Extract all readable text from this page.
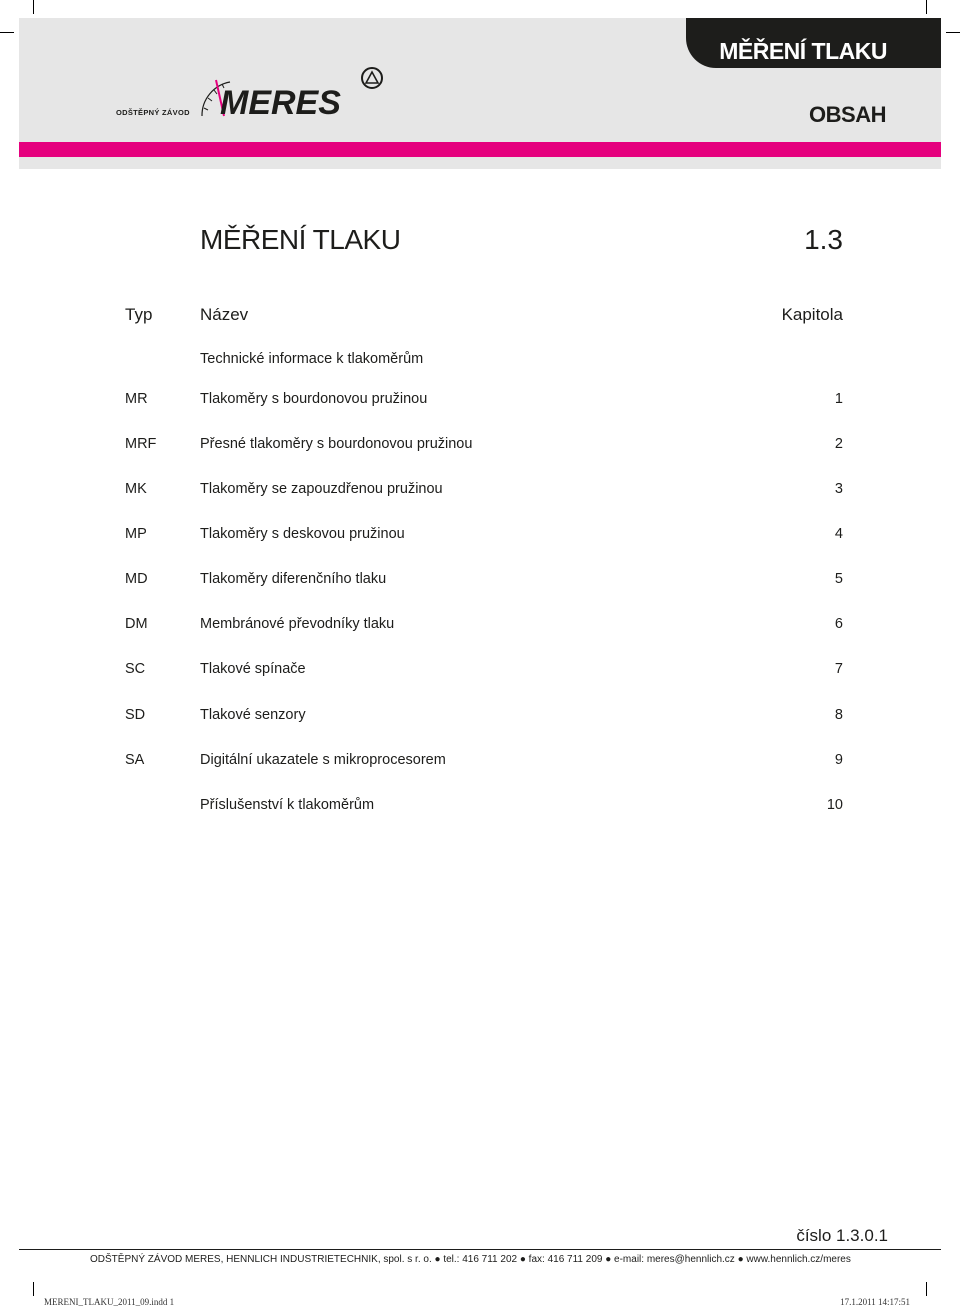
MĚŘENÍ TLAKU
OBSAH
ODŠTĚPNÝ ZÁVOD MERES
MĚŘENÍ TLAKU	1.3
Typ	Název	Kapitola
Technické informace k tlakoměrům
MR	Tlakoměry s bourdonovou pružinou	1
MRF	Přesné tlakoměry s bourdonovou pružinou	2
MK	Tlakoměry se zapouzdřenou pružinou	3
MP	Tlakoměry s deskovou pružinou	4
MD	Tlakoměry diferenčního tlaku	5
DM	Membránové převodníky tlaku	6
SC	Tlakové spínače	7
SD	Tlakové senzory	8
SA	Digitální ukazatele s mikroprocesorem	9
Příslušenství k tlakoměrům	10
číslo 1.3.0.1
ODŠTĚPNÝ ZÁVOD MERES, HENNLICH INDUSTRIETECHNIK, spol. s r. o. ● tel.: 416 711 202 ● fax: 416 711 209 ● e-mail: meres@hennlich.cz ● www.hennlich.cz/meres
MERENI_TLAKU_2011_09.indd 1	17.1.2011 14:17:51
